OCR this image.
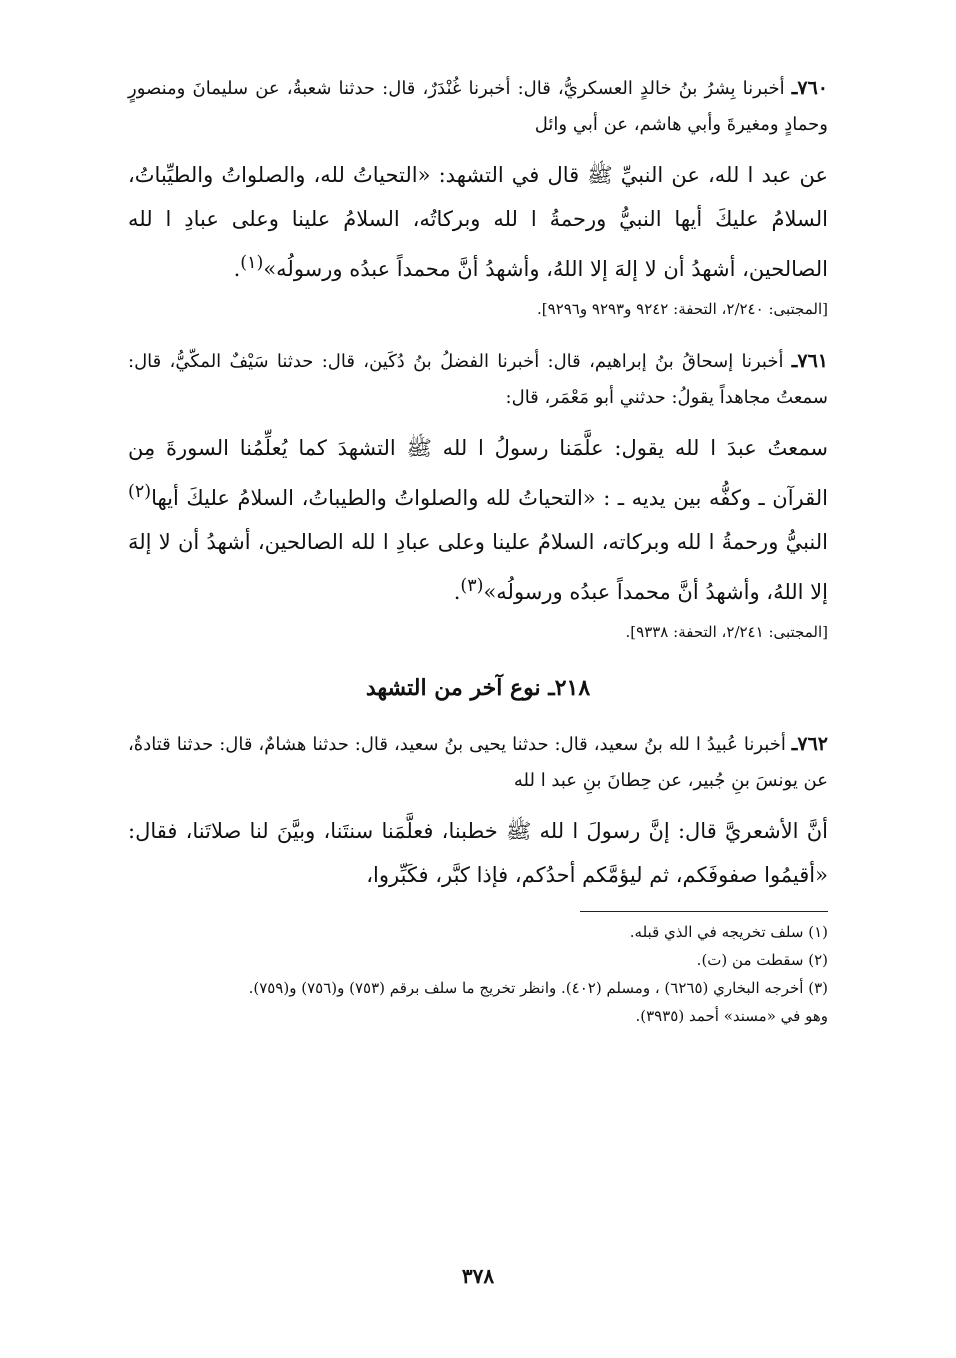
٧٦٠ـ أخبرنا بِشرُ بنُ خالدٍ العسكريُّ، قال: أخبرنا غُنْدَرٌ، قال: حدثنا شعبةُ، عن سليمانَ ومنصورٍ وحمادٍ ومغيرةَ وأبي هاشم، عن أبي وائل

عن عبد ا لله، عن النبيِّ ﷺ قال في التشهد: «التحياتُ لله، والصلواتُ والطيِّباتُ، السلامُ عليكَ أيها النبيُّ ورحمةُ ا لله وبركاتُه، السلامُ علينا وعلى عبادِ ا لله الصالحين، أشهدُ أن لا إلهَ إلا اللهُ، وأشهدُ أنَّ محمداً عبدُه ورسولُه»$^{(١)}$.

[المجتبى: ٢/٢٤٠، التحفة: ٩٢٤٢ و٩٢٩٣ و٩٢٩٦].

٧٦١ـ أخبرنا إسحاقُ بنُ إبراهيم، قال: أخبرنا الفضلُ بنُ دُكَين، قال: حدثنا سَيْفٌ المكّيُّ، قال: سمعتُ مجاهداً يقولُ: حدثني أبو مَعْمَر، قال:

سمعتُ عبدَ ا لله يقول: علَّمَنا رسولُ ا لله ﷺ التشهدَ كما يُعلِّمُنا السورةَ مِن القرآن ـ وكفُّه بين يديه ـ : «التحياتُ لله والصلواتُ والطيباتُ، السلامُ عليكَ أيها$^{(٢)}$ النبيُّ ورحمةُ ا لله وبركاته، السلامُ علينا وعلى عبادِ ا لله الصالحين، أشهدُ أن لا إلهَ إلا اللهُ، وأشهدُ أنَّ محمداً عبدُه ورسولُه»$^{(٣)}$.

[المجتبى: ٢/٢٤١، التحفة: ٩٣٣٨].

٢١٨ـ نوع آخر من التشهد

٧٦٢ـ أخبرنا عُبيدُ ا لله بنُ سعيد، قال: حدثنا يحيى بنُ سعيد، قال: حدثنا هشامٌ، قال: حدثنا قتادةُ، عن يونسَ بنِ جُبير، عن حِطانَ بنِ عبد ا لله

أنَّ الأشعريَّ قال: إنَّ رسولَ ا لله ﷺ خطبنا، فعلَّمَنا سنتَنا، وبيَّنَ لنا صلاتَنا، فقال: «أقيمُوا صفوفَكم، ثم ليؤمَّكم أحدُكم، فإذا كبَّر، فكَبِّروا،

(١) سلف تخريجه في الذي قبله.

(٢) سقطت من (ت).

(٣) أخرجه البخاري (٦٢٦٥) ، ومسلم (٤٠٢). وانظر تخريج ما سلف برقم (٧٥٣) و(٧٥٦) و(٧٥٩).

وهو في «مسند» أحمد (٣٩٣٥).

٣٧٨
